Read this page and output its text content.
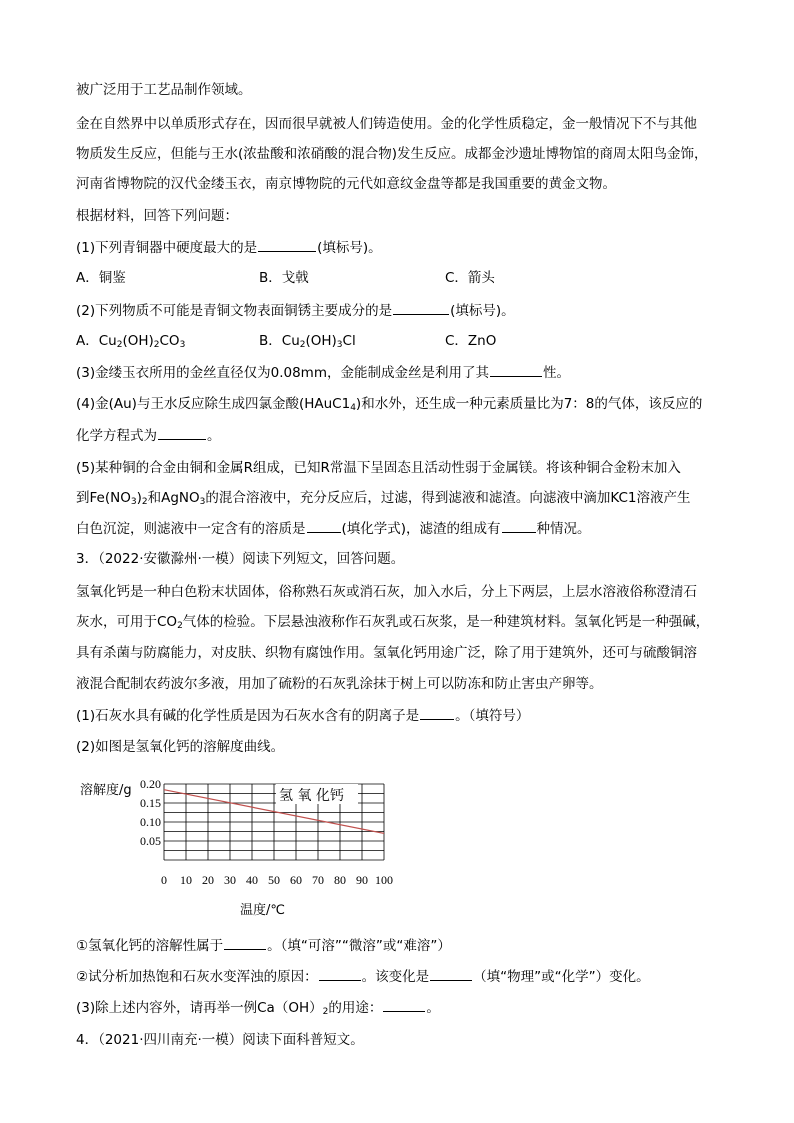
被广泛用于工艺品制作领域。
金在自然界中以单质形式存在，因而很早就被人们铸造使用。金的化学性质稳定，金一般情况下不与其他
物质发生反应，但能与王水(浓盐酸和浓硝酸的混合物)发生反应。成都金沙遗址博物馆的商周太阳鸟金饰，
河南省博物院的汉代金缕玉衣，南京博物院的元代如意纹金盘等都是我国重要的黄金文物。
根据材料，回答下列问题：
(1)下列青铜器中硬度最大的是	(填标号)。
A．铜鉴	B．戈戟	C．箭头
(2)下列物质不可能是青铜文物表面铜锈主要成分的是	(填标号)。
A．$Cu_2(OH)_2CO_3$	B．$Cu_2(OH)_3Cl$	C．ZnO
(3)金缕玉衣所用的金丝直径仅为0.08mm，金能制成金丝是利用了其	性。
(4)金(Au)与王水反应除生成四氯金酸$(HAuC1_4)$和水外，还生成一种元素质量比为7：8的气体，该反应的
化学方程式为	。
(5)某种铜的合金由铜和金属R组成，已知R常温下呈固态且活动性弱于金属镁。将该种铜合金粉末加入
到$Fe(NO_3)_2$和AgNO$_3$的混合溶液中，充分反应后，过滤，得到滤液和滤渣。向滤液中滴加KC1溶液产生
白色沉淀，则滤液中一定含有的溶质是	(填化学式)，滤渣的组成有	种情况。
3．（2022·安徽滁州·一模）阅读下列短文，回答问题。
氢氧化钙是一种白色粉末状固体，俗称熟石灰或消石灰，加入水后，分上下两层，上层水溶液俗称澄清石
灰水，可用于$CO_2$气体的检验。下层悬浊液称作石灰乳或石灰浆，是一种建筑材料。氢氧化钙是一种强碱，
具有杀菌与防腐能力，对皮肤、织物有腐蚀作用。氢氧化钙用途广泛，除了用于建筑外，还可与硫酸铜溶
液混合配制农药波尔多液，用加了硫粉的石灰乳涂抹于树上可以防冻和防止害虫产卵等。
(1)石灰水具有碱的化学性质是因为石灰水含有的阴离子是	。（填符号）
(2)如图是氢氧化钙的溶解度曲线。
0.05
0.10
0.15
0.20
0 10 20 30 40 50 60 70 80 90 100
氢 氧 化钙
溶解度/g
温度/℃
①氢氧化钙的溶解性属于	。（填“可溶”“微溶”或“难溶”）
②试分析加热饱和石灰水变浑浊的原因：	。该变化是	（填“物理”或“化学”）变化。
(3)除上述内容外，请再举一例$Ca(OH)_2$的用途：	。
4．（2021·四川南充·一模）阅读下面科普短文。
